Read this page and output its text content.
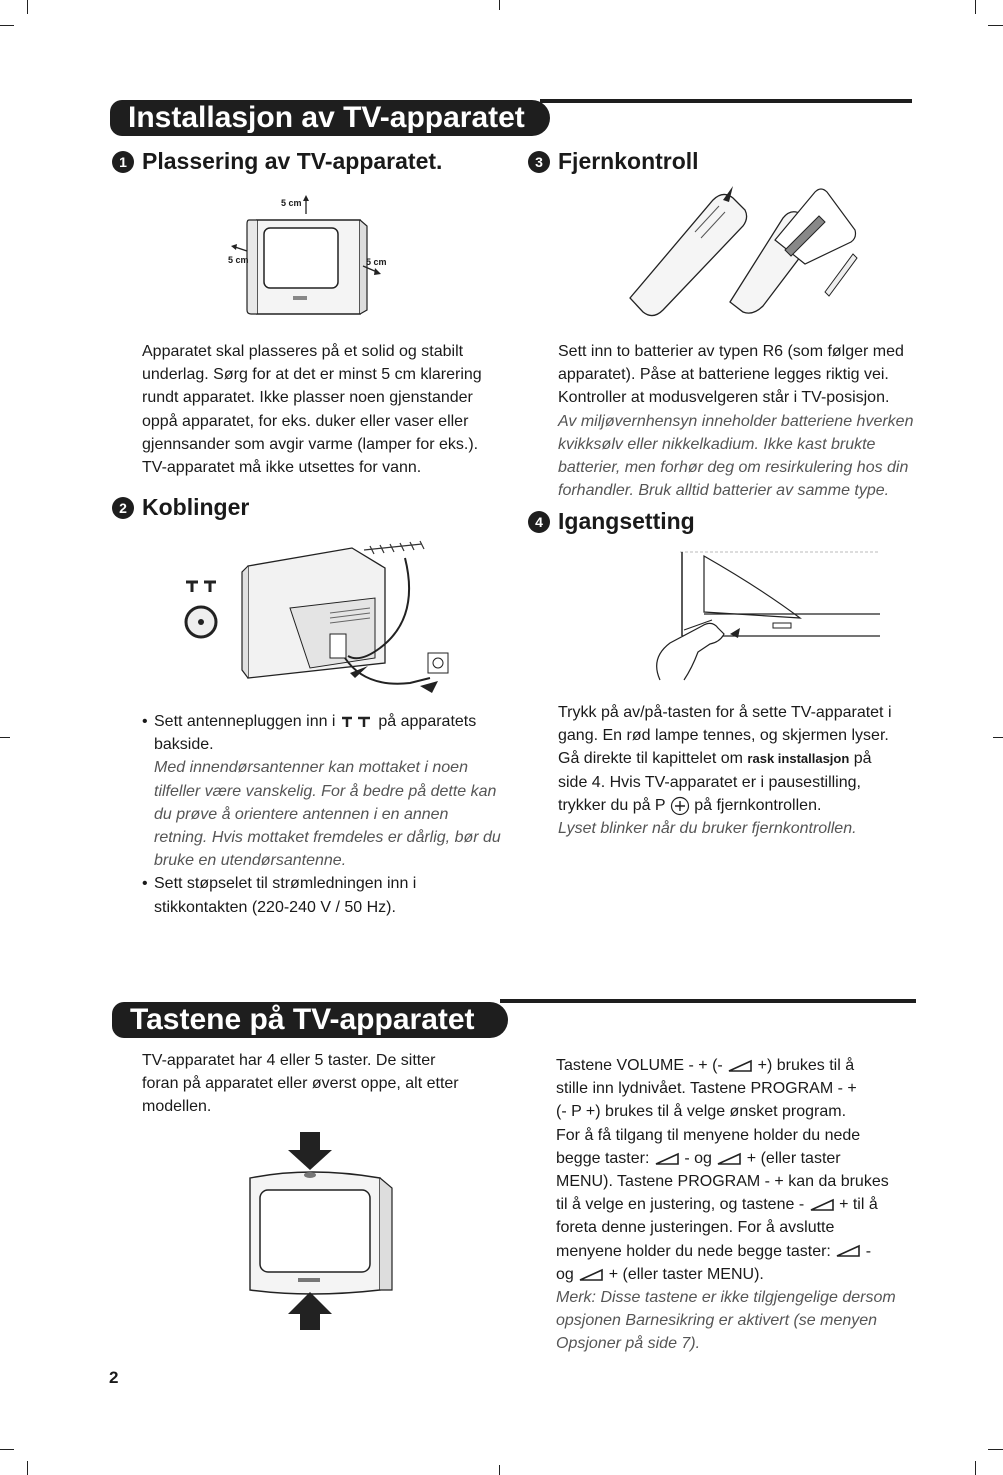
Installasjon av TV-apparatet
1 Plassering av TV-apparatet.
5 cm
5 cm	5 cm
Apparatet skal plasseres på et solid og stabilt
underlag. Sørg for at det er minst 5 cm klarering
rundt apparatet. Ikke plasser noen gjenstander
oppå apparatet, for eks. duker eller vaser eller
gjennsander som avgir varme (lamper for eks.).
TV-apparatet må ikke utsettes for vann.
2 Koblinger
• Sett antennepluggen inn i	på apparatets
bakside.
Med innendørsantenner kan mottaket i noen
tilfeller være vanskelig. For å bedre på dette kan
du prøve å orientere antennen i en annen
retning. Hvis mottaket fremdeles er dårlig, bør du
bruke en utendørsantenne.
• Sett støpselet til strømledningen inn i
stikkontakten (220-240 V / 50 Hz).
3 Fjernkontroll
Sett inn to batterier av typen R6 (som følger med
apparatet). Påse at batteriene legges riktig vei.
Kontroller at modusvelgeren står i TV-posisjon.
Av miljøvernhensyn inneholder batteriene hverken
kvikksølv eller nikkelkadium. Ikke kast brukte
batterier, men forhør deg om resirkulering hos din
forhandler. Bruk alltid batterier av samme type.
4 Igangsetting
Trykk på av/på-tasten for å sette TV-apparatet i
gang. En rød lampe tennes, og skjermen lyser.
Gå direkte til kapittelet om rask installasjon på
side 4. Hvis TV-apparatet er i pausestilling,
trykker du på P på fjernkontrollen.
Lyset blinker når du bruker fjernkontrollen.
Tastene på TV-apparatet
TV-apparatet har 4 eller 5 taster. De sitter
foran på apparatet eller øverst oppe, alt etter
modellen.
Tastene VOLUME - + (- +) brukes til å
stille inn lydnivået. Tastene PROGRAM - +
(- P +) brukes til å velge ønsket program.
For å få tilgang til menyene holder du nede
begge taster: - og + (eller taster
MENU). Tastene PROGRAM - + kan da brukes
til å velge en justering, og tastene - + til å
foreta denne justeringen. For å avslutte
menyene holder du nede begge taster: -
og + (eller taster MENU).
Merk: Disse tastene er ikke tilgjengelige dersom
opsjonen Barnesikring er aktivert (se menyen
Opsjoner på side 7).
2
